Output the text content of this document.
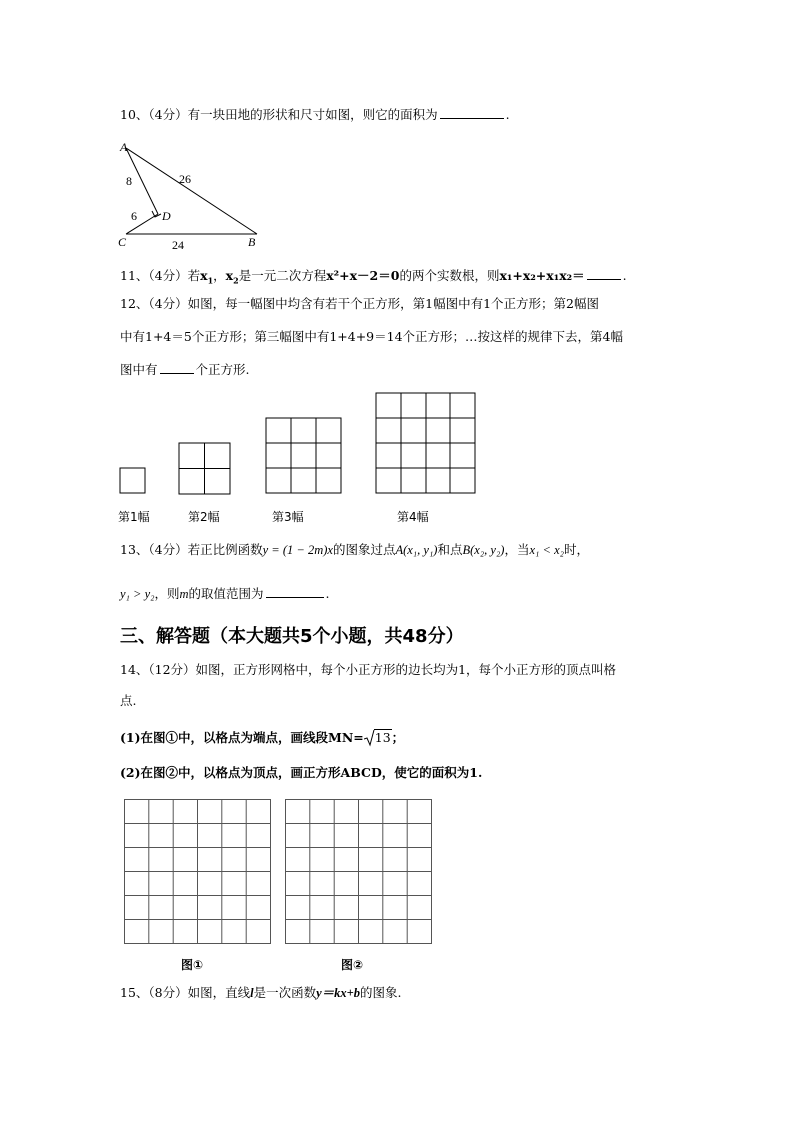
10、（4分）有一块田地的形状和尺寸如图，则它的面积为	.
A
D
C	B
8
6
26
24
11、（4分）若$x_1$，$x_2$是一元二次方程x²+x－2＝0的两个实数根，则x₁+x₂+x₁x₂＝	.
12、（4分）如图，每一幅图中均含有若干个正方形，第1幅图中有1个正方形；第2幅图
中有1+4＝5个正方形；第三幅图中有1+4+9＝14个正方形；…按这样的规律下去，第4幅
图中有	个正方形.
第1幅	第2幅	第3幅	第4幅
13、（4分）若正比例函数y = (1 − 2m)x的图象过点A(x₁, y₁)和点B(x₂, y₂)，当x₁ < x₂时，
y₁ > y₂，则m的取值范围为	.
三、解答题（本大题共5个小题，共48分）
14、（12分）如图，正方形网格中，每个小正方形的边长均为1，每个小正方形的顶点叫格
点.
(1)在图①中，以格点为端点，画线段MN= 13；
(2)在图②中，以格点为顶点，画正方形ABCD，使它的面积为1.
图①	图②
15、（8分）如图，直线l是一次函数y＝kx+b的图象.
